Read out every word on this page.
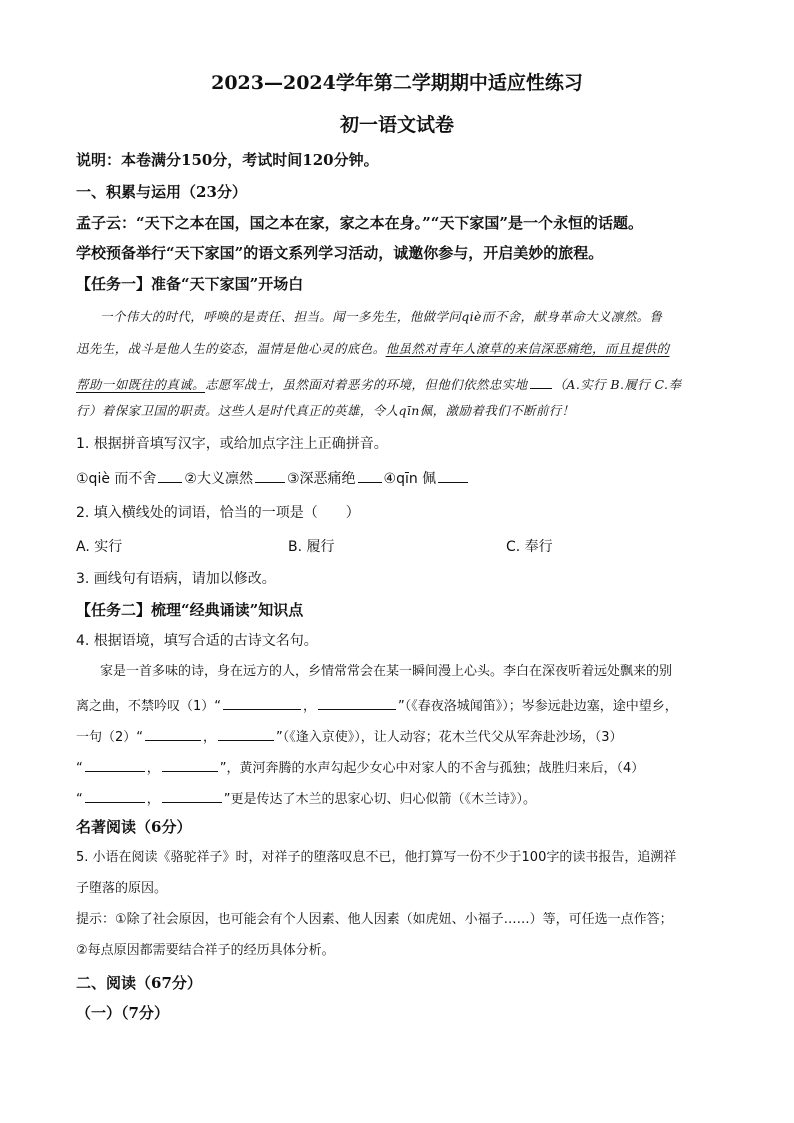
2023—2024学年第二学期期中适应性练习
初一语文试卷
说明：本卷满分150分，考试时间120分钟。
一、积累与运用（23分）
孟子云：“天下之本在国，国之本在家，家之本在身。”“天下家国”是一个永恒的话题。
学校预备举行“天下家国”的语文系列学习活动，诚邀你参与，开启美妙的旅程。
【任务一】准备“天下家国”开场白
一个伟大的时代，呼唤的是责任、担当。闻一多先生，他做学问qiè而不舍，献身革命大义凛然。鲁
迅先生，战斗是他人生的姿态，温情是他心灵的底色。他虽然对青年人潦草的来信深恶痛绝，而且提供的
帮助一如既往的真诚。志愿军战士，虽然面对着恶劣的环境，但他们依然忠实地 （A.实行 B.履行 C.奉
行）着保家卫国的职责。这些人是时代真正的英雄，令人qīn佩，激励着我们不断前行！
1. 根据拼音填写汉字，或给加点字注上正确拼音。
①qiè 而不舍 ②大义凛然 ③深恶痛绝 ④qīn 佩
2. 填入横线处的词语，恰当的一项是（　　）
A. 实行	B. 履行	C. 奉行
3. 画线句有语病，请加以修改。
【任务二】梳理“经典诵读”知识点
4. 根据语境，填写合适的古诗文名句。
家是一首多味的诗，身在远方的人，乡情常常会在某一瞬间漫上心头。李白在深夜听着远处飘来的别
离之曲，不禁吟叹（1）“	，	”（《春夜洛城闻笛》）；岑参远赴边塞，途中望乡，
一句（2）“	，	”（《逢入京使》），让人动容；花木兰代父从军奔赴沙场，（3）
“	，	”，黄河奔腾的水声勾起少女心中对家人的不舍与孤独；战胜归来后，（4）
“	，	”更是传达了木兰的思家心切、归心似箭（《木兰诗》）。
名著阅读（6分）
5. 小语在阅读《骆驼祥子》时，对祥子的堕落叹息不已，他打算写一份不少于100字的读书报告，追溯祥
子堕落的原因。
提示：①除了社会原因，也可能会有个人因素、他人因素（如虎妞、小福子……）等，可任选一点作答；
②每点原因都需要结合祥子的经历具体分析。
二、阅读（67分）
（一）（7分）
